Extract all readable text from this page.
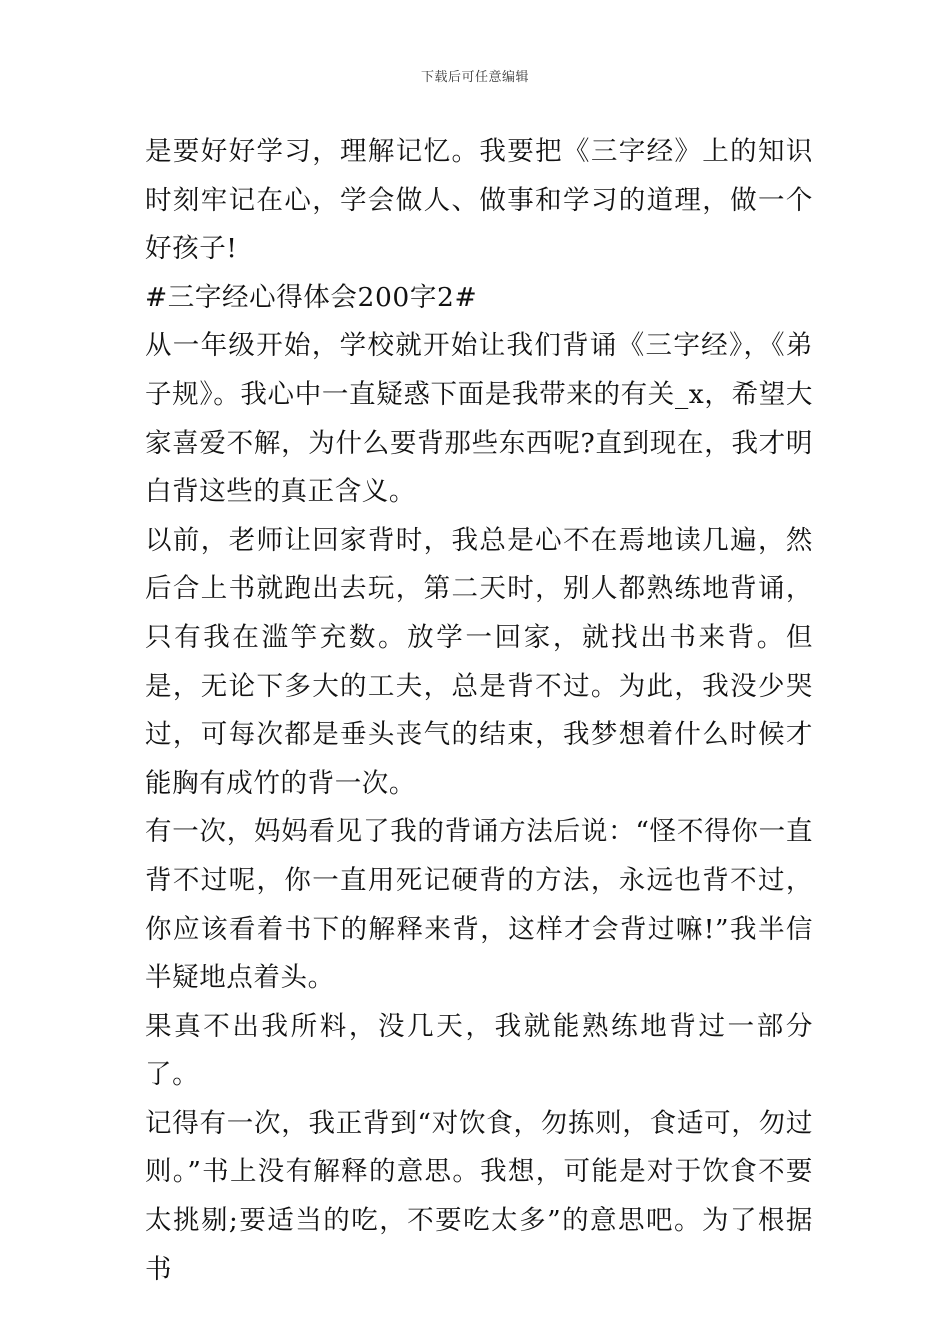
下载后可任意编辑

是要好好学习，理解记忆。我要把《三字经》上的知识时刻牢记在心，学会做人、做事和学习的道理，做一个好孩子!

#三字经心得体会200字2#

从一年级开始，学校就开始让我们背诵《三字经》，《弟子规》。我心中一直疑惑下面是我带来的有关_x，希望大家喜爱不解，为什么要背那些东西呢?直到现在，我才明白背这些的真正含义。

以前，老师让回家背时，我总是心不在焉地读几遍，然后合上书就跑出去玩，第二天时，别人都熟练地背诵，只有我在滥竽充数。放学一回家，就找出书来背。但是，无论下多大的工夫，总是背不过。为此，我没少哭过，可每次都是垂头丧气的结束，我梦想着什么时候才能胸有成竹的背一次。

有一次，妈妈看见了我的背诵方法后说：“怪不得你一直背不过呢，你一直用死记硬背的方法，永远也背不过，你应该看着书下的解释来背，这样才会背过嘛!”我半信半疑地点着头。

果真不出我所料，没几天，我就能熟练地背过一部分了。

记得有一次，我正背到“对饮食，勿拣则，食适可，勿过则。”书上没有解释的意思。我想，可能是对于饮食不要太挑剔;要适当的吃，不要吃太多”的意思吧。为了根据书
